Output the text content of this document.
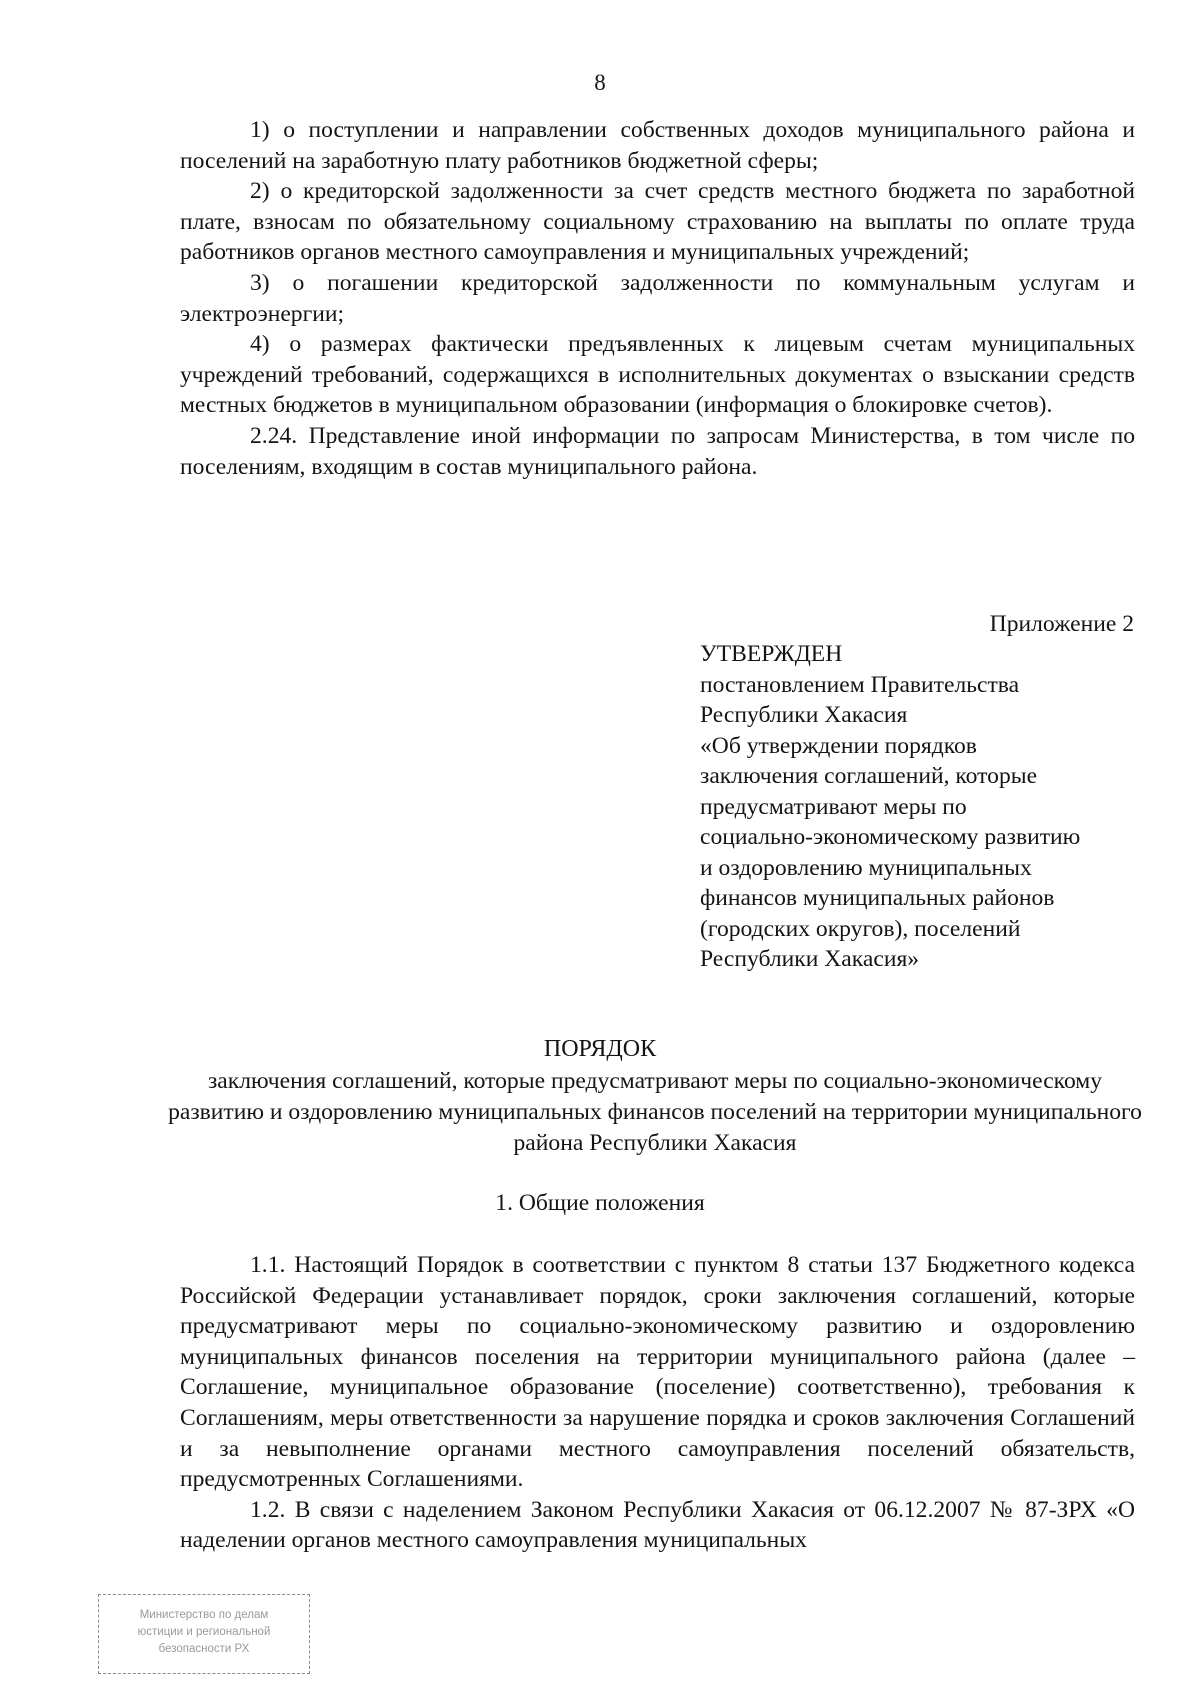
8

1) о поступлении и направлении собственных доходов муниципального района и поселений на заработную плату работников бюджетной сферы;

2) о кредиторской задолженности за счет средств местного бюджета по заработной плате, взносам по обязательному социальному страхованию на выплаты по оплате труда работников органов местного самоуправления и муниципальных учреждений;

3) о погашении кредиторской задолженности по коммунальным услугам и электроэнергии;

4) о размерах фактически предъявленных к лицевым счетам муниципальных учреждений требований, содержащихся в исполнительных документах о взыскании средств местных бюджетов в муниципальном образовании (информация о блокировке счетов).

2.24. Представление иной информации по запросам Министерства, в том числе по поселениям, входящим в состав муниципального района.

Приложение 2
УТВЕРЖДЕН
постановлением Правительства
Республики Хакасия
«Об утверждении порядков
заключения соглашений, которые
предусматривают меры по
социально-экономическому развитию
и оздоровлению муниципальных
финансов муниципальных районов
(городских округов), поселений
Республики Хакасия»
ПОРЯДОК
заключения соглашений, которые предусматривают меры по социально-экономическому развитию и оздоровлению муниципальных финансов поселений на территории муниципального района Республики Хакасия
1. Общие положения

1.1. Настоящий Порядок в соответствии с пунктом 8 статьи 137 Бюджетного кодекса Российской Федерации устанавливает порядок, сроки заключения соглашений, которые предусматривают меры по социально-экономическому развитию и оздоровлению муниципальных финансов поселения на территории муниципального района (далее – Соглашение, муниципальное образование (поселение) соответственно), требования к Соглашениям, меры ответственности за нарушение порядка и сроков заключения Соглашений и за невыполнение органами местного самоуправления поселений обязательств, предусмотренных Соглашениями.

1.2. В связи с наделением Законом Республики Хакасия от 06.12.2007 № 87-ЗРХ «О наделении органов местного самоуправления муниципальных

Министерство по делам
юстиции и региональной
безопасности РХ
